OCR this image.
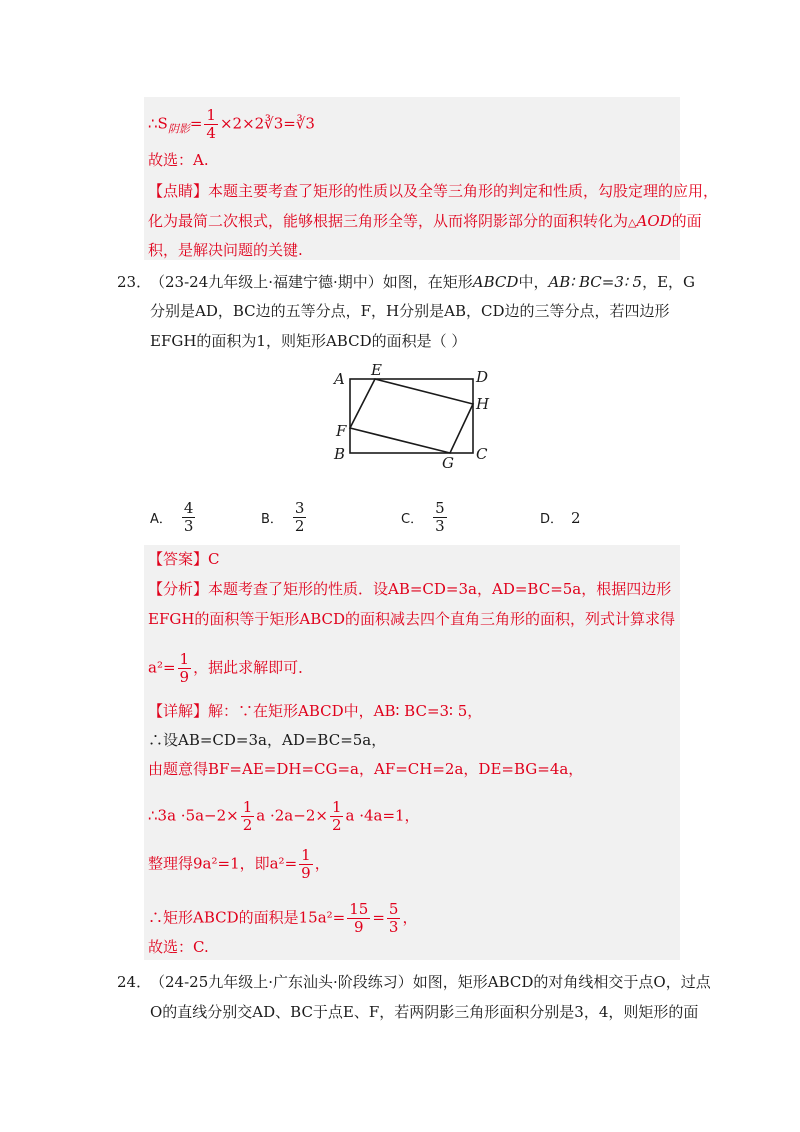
$\therefore S_{阴影}= \frac{1}{4}$ ×2×2∛3=∛3
故选：A.
【点睛】本题主要考查了矩形的性质以及全等三角形的判定和性质，勾股定理的应用，
化为最简二次根式，能够根据三角形全等，从而将阴影部分的面积转化为△AOD的面
积，是解决问题的关键.
23．
（23-24九年级上·福建宁德·期中）如图，在矩形ABCD中，AB∶ BC=3∶ 5，E，G
分别是AD，BC边的五等分点，F，H分别是AB，CD边的三等分点，若四边形
EFGH的面积为1，则矩形ABCD的面积是（ ）
A E	D
H
F
B	G C
A． $\frac{4}{3}$	B． $\frac{3}{2}$	C． $\frac{5}{3}$	D． 2
【答案】C
【分析】本题考查了矩形的性质．设AB=CD=3a，AD=BC=5a，根据四边形
EFGH的面积等于矩形ABCD的面积减去四个直角三角形的面积，列式计算求得
$a^2= \frac{1}{9}$ ，据此求解即可．
【详解】解：∵在矩形ABCD中，AB∶ BC=3∶ 5，
∴设AB=CD=3a，AD=BC=5a，
由题意得BF=AE=DH=CG=a，AF=CH=2a，DE=BG=4a，
∴3a $\cdot 5a-2\times \frac{1}{2}$ $a \cdot 2a-2\times \frac{1}{2}$ a ·4a=1，
整理得9a²=1，即$a^2= \frac{1}{9}$ ，
∴矩形ABCD的面积是$15a^2= \frac{15}{9} = \frac{5}{3}$ ，
故选：C.
24．
（24-25九年级上·广东汕头·阶段练习）如图，矩形ABCD的对角线相交于点O，过点
O的直线分别交AD、BC于点E、F，若两阴影三角形面积分别是3，4，则矩形的面
